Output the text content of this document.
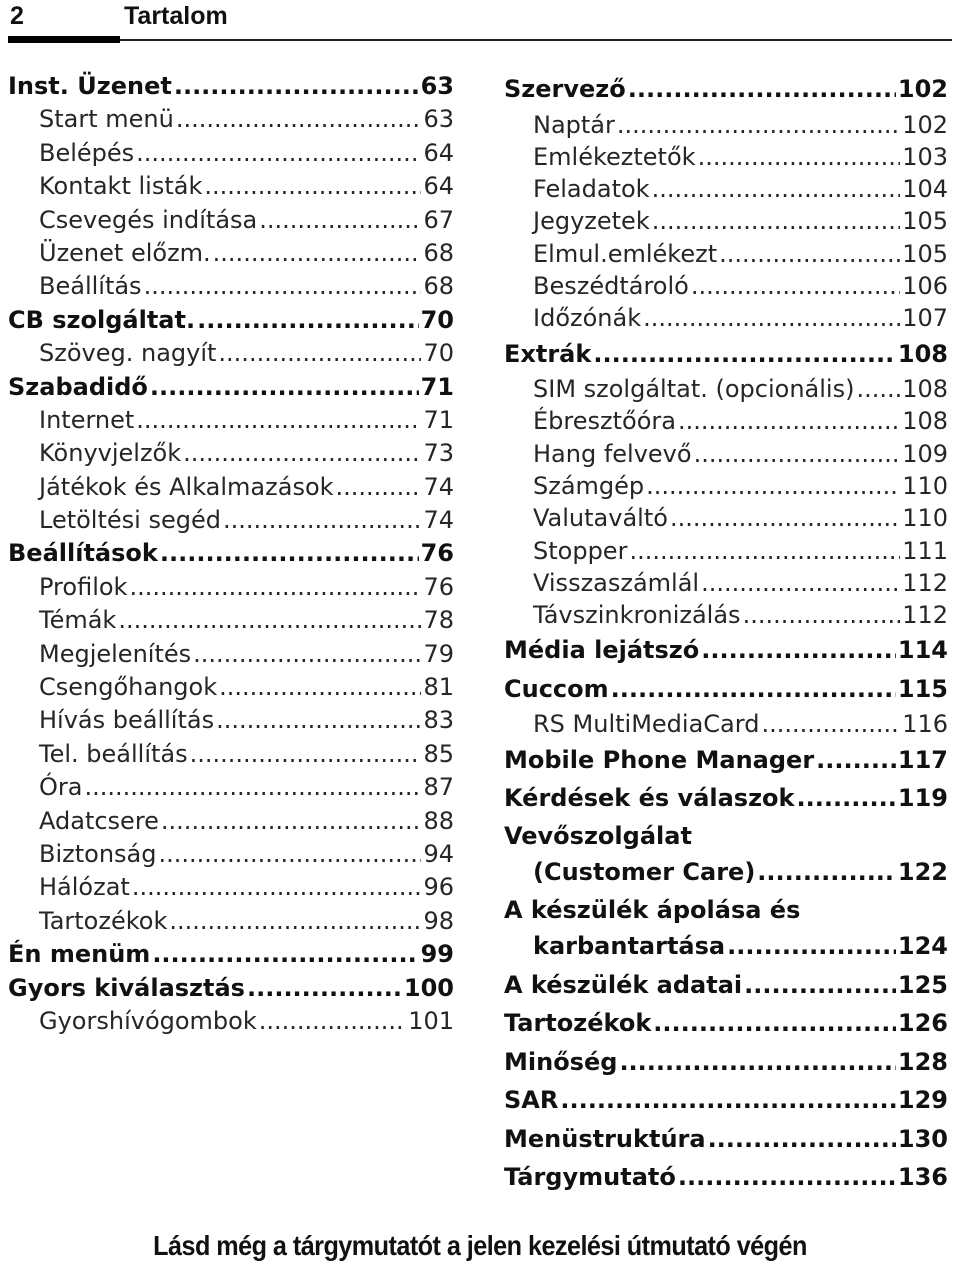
2	Tartalom
Inst. Üzenet .....	63
Start menü .....	63
Belépés .....	64
Kontakt listák .....	64
Csevegés indítása .....	67
Üzenet előzm. .....	68
Beállítás .....	68
CB szolgáltat. .....	70
Szöveg. nagyít .....	70
Szabadidő .....	71
Internet .....	71
Könyvjelzők .....	73
Játékok és Alkalmazások .....	74
Letöltési segéd .....	74
Beállítások .....	76
Profilok .....	76
Témák .....	78
Megjelenítés .....	79
Csengőhangok .....	81
Hívás beállítás .....	83
Tel. beállítás .....	85
Óra .....	87
Adatcsere .....	88
Biztonság .....	94
Hálózat .....	96
Tartozékok .....	98
Én menüm .....	99
Gyors kiválasztás .....	100
Gyorshívógombok .....	101
Szervező .....	102
Naptár .....	102
Emlékeztetők .....	103
Feladatok .....	104
Jegyzetek .....	105
Elmul.emlékezt .....	105
Beszédtároló .....	106
Időzónák .....	107
Extrák .....	108
SIM szolgáltat. (opcionális) ..... 108
Ébresztőóra .....	108
Hang felvevő .....	109
Számgép .....	110
Valutaváltó .....	110
Stopper .....	111
Visszaszámlál .....	112
Távszinkronizálás .....	112
Média lejátszó .....	114
Cuccom .....	115
RS MultiMediaCard .....	116
Mobile Phone Manager .....	117
Kérdések és válaszok .....	119
Vevőszolgálat
(Customer Care) .....	122
A készülék ápolása és
karbantartása .....	124
A készülék adatai .....	125
Tartozékok .....	126
Minőség .....	128
SAR .....	129
Menüstruktúra .....	130
Tárgymutató .....	136
Lásd még a tárgymutatót a jelen kezelési útmutató végén
